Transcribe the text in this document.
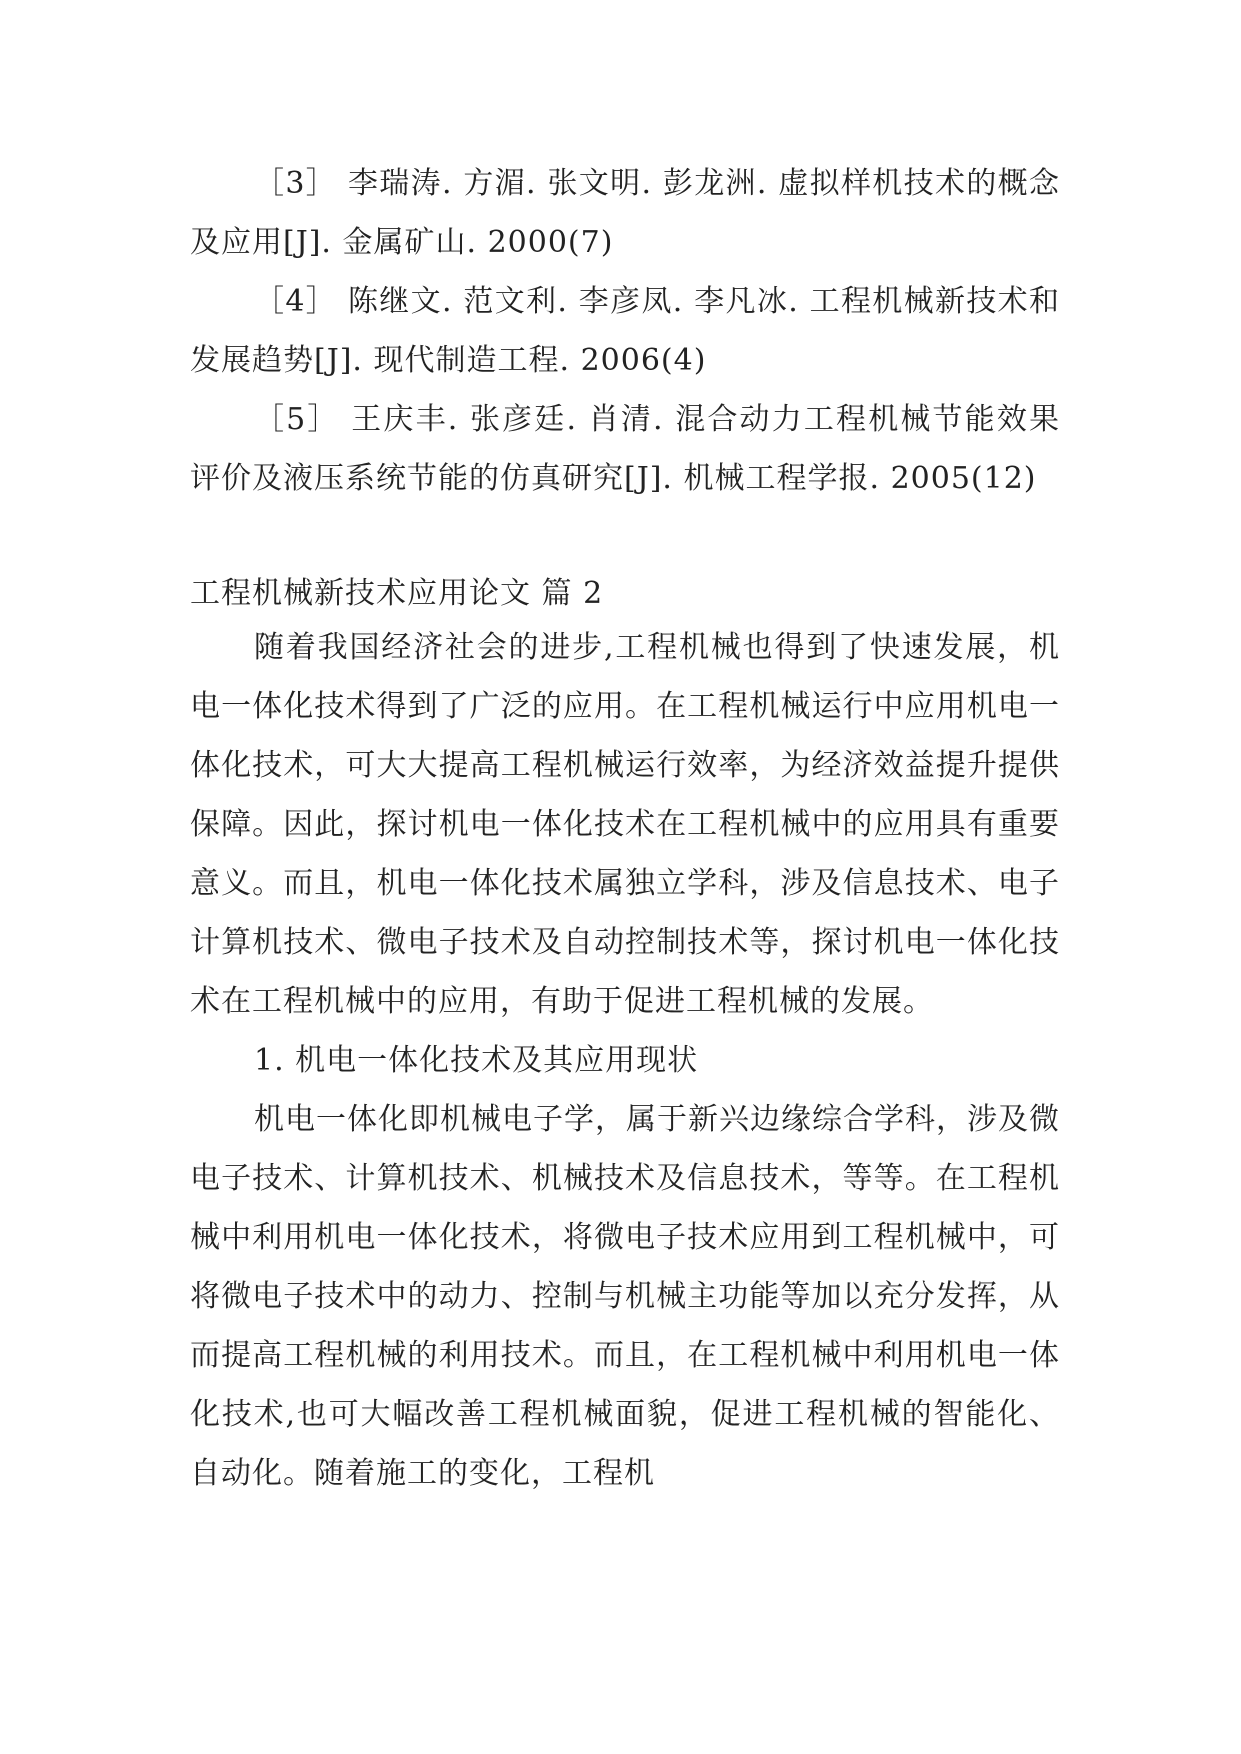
［3］ 李瑞涛. 方湄. 张文明. 彭龙洲. 虚拟样机技术的概念及应用[J]. 金属矿山. 2000(7)

［4］ 陈继文. 范文利. 李彦凤. 李凡冰. 工程机械新技术和发展趋势[J]. 现代制造工程. 2006(4)

［5］ 王庆丰. 张彦廷. 肖清. 混合动力工程机械节能效果评价及液压系统节能的仿真研究[J]. 机械工程学报. 2005(12)

工程机械新技术应用论文 篇 2

随着我国经济社会的进步,工程机械也得到了快速发展，机电一体化技术得到了广泛的应用。在工程机械运行中应用机电一体化技术，可大大提高工程机械运行效率，为经济效益提升提供保障。因此，探讨机电一体化技术在工程机械中的应用具有重要意义。而且，机电一体化技术属独立学科，涉及信息技术、电子计算机技术、微电子技术及自动控制技术等，探讨机电一体化技术在工程机械中的应用，有助于促进工程机械的发展。

1. 机电一体化技术及其应用现状

机电一体化即机械电子学，属于新兴边缘综合学科，涉及微电子技术、计算机技术、机械技术及信息技术，等等。在工程机械中利用机电一体化技术，将微电子技术应用到工程机械中，可将微电子技术中的动力、控制与机械主功能等加以充分发挥，从而提高工程机械的利用技术。而且，在工程机械中利用机电一体化技术,也可大幅改善工程机械面貌，促进工程机械的智能化、自动化。随着施工的变化，工程机
